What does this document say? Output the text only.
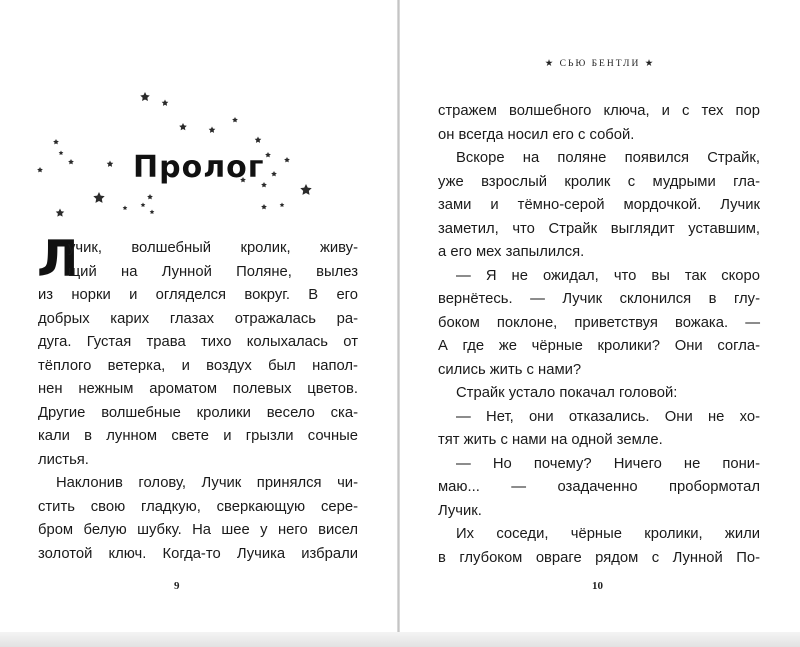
Пролог
Л
учик, волшебный кролик, живу-
щий на Лунной Поляне, вылез
из норки и огляделся вокруг. В его
добрых карих глазах отражалась ра-
дуга. Густая трава тихо колыхалась от
тёплого ветерка, и воздух был напол-
нен нежным ароматом полевых цветов.
Другие волшебные кролики весело ска-
кали в лунном свете и грызли сочные
листья.
Наклонив голову, Лучик принялся чи-
стить свою гладкую, сверкающую сере-
бром белую шубку. На шее у него висел
золотой ключ. Когда-то Лучика избрали
9
★ СЬЮ БЕНТЛИ ★
стражем волшебного ключа, и с тех пор
он всегда носил его с собой.
Вскоре на поляне появился Страйк,
уже взрослый кролик с мудрыми гла-
зами и тёмно-серой мордочкой. Лучик
заметил, что Страйк выглядит уставшим,
а его мех запылился.
— Я не ожидал, что вы так скоро
вернётесь. — Лучик склонился в глу-
боком поклоне, приветствуя вожака. —
А где же чёрные кролики? Они согла-
сились жить с нами?
Страйк устало покачал головой:
— Нет, они отказались. Они не хо-
тят жить с нами на одной земле.
— Но почему? Ничего не пони-
маю... — озадаченно пробормотал
Лучик.
Их соседи, чёрные кролики, жили
в глубоком овраге рядом с Лунной По-
10
